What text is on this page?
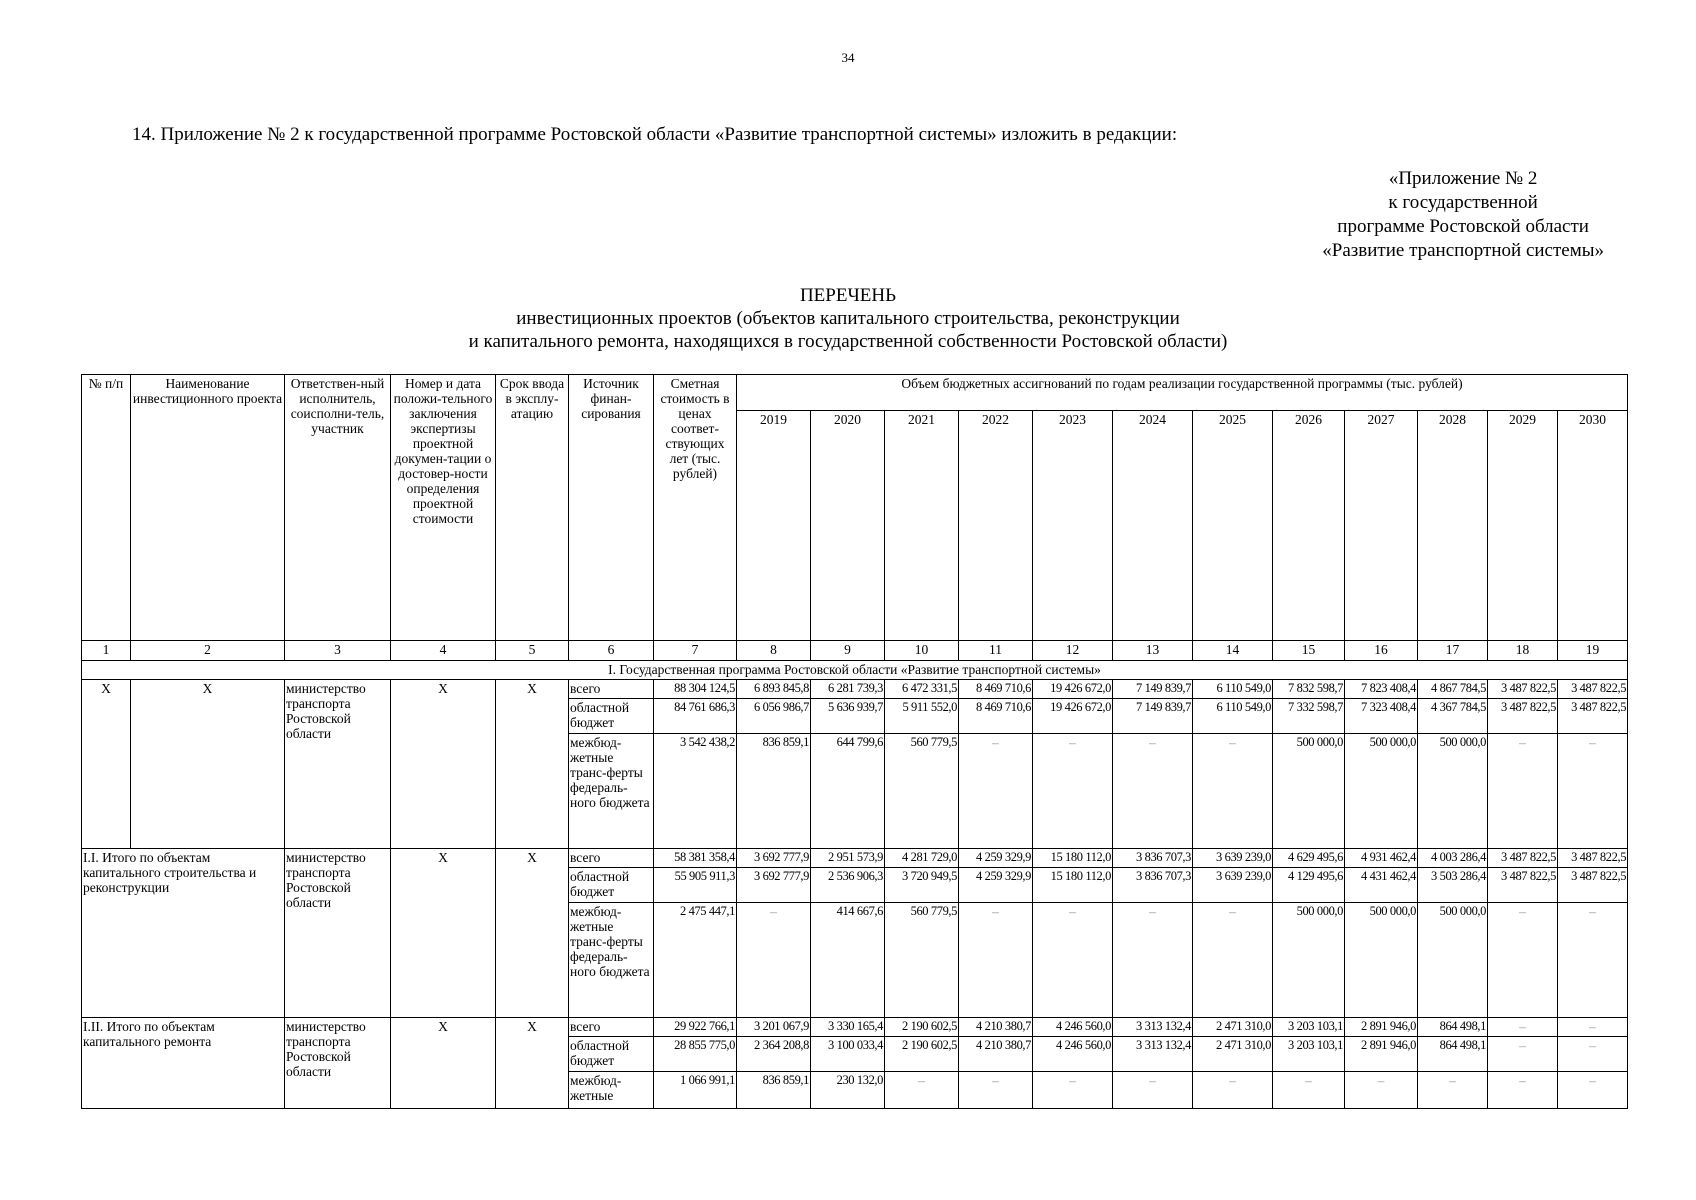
34
14. Приложение № 2 к государственной программе Ростовской области «Развитие транспортной системы» изложить в редакции:
«Приложение № 2
к государственной
программе Ростовской области
«Развитие транспортной системы»
ПЕРЕЧЕНЬ
инвестиционных проектов (объектов капитального строительства, реконструкции
и капитального ремонта, находящихся в государственной собственности Ростовской области)
№ п/п	Наименование инвестиционного проекта	Ответствен-ный исполнитель, соисполни-тель, участник	Номер и дата положи-тельного заключения экспертизы проектной докумен-тации о достовер-ности определения проектной стоимости	Срок ввода в эксплу-атацию	Источник финан-сирования	Сметная стоимость в ценах соответ-ствующих лет (тыс. рублей)	Объем бюджетных ассигнований по годам реализации государственной программы (тыс. рублей)											
							2019	2020	2021	2022	2023	2024	2025	2026	2027	2028	2029	2030
1	2	3	4	5	6	7	8	9	10	11	12	13	14	15	16	17	18	19
I. Государственная программа Ростовской области «Развитие транспортной системы»																		
Х	Х	министерство транспорта Ростовской области	Х	Х	всего	88 304 124,5	6 893 845,8	6 281 739,3	6 472 331,5	8 469 710,6	19 426 672,0	7 149 839,7	6 110 549,0	7 832 598,7	7 823 408,4	4 867 784,5	3 487 822,5	3 487 822,5
					областной бюджет	84 761 686,3	6 056 986,7	5 636 939,7	5 911 552,0	8 469 710,6	19 426 672,0	7 149 839,7	6 110 549,0	7 332 598,7	7 323 408,4	4 367 784,5	3 487 822,5	3 487 822,5
					межбюд-жетные транс-ферты федераль-ного бюджета	3 542 438,2	836 859,1	644 799,6	560 779,5	–	–	–	–	500 000,0	500 000,0	500 000,0	–	–
I.I. Итого по объектам капитального строительства и реконструкции		министерство транспорта Ростовской области	Х	Х	всего	58 381 358,4	3 692 777,9	2 951 573,9	4 281 729,0	4 259 329,9	15 180 112,0	3 836 707,3	3 639 239,0	4 629 495,6	4 931 462,4	4 003 286,4	3 487 822,5	3 487 822,5
					областной бюджет	55 905 911,3	3 692 777,9	2 536 906,3	3 720 949,5	4 259 329,9	15 180 112,0	3 836 707,3	3 639 239,0	4 129 495,6	4 431 462,4	3 503 286,4	3 487 822,5	3 487 822,5
					межбюд-жетные транс-ферты федераль-ного бюджета	2 475 447,1	–	414 667,6	560 779,5	–	–	–	–	500 000,0	500 000,0	500 000,0	–	–
I.II. Итого по объектам капитального ремонта		министерство транспорта Ростовской области	Х	Х	всего	29 922 766,1	3 201 067,9	3 330 165,4	2 190 602,5	4 210 380,7	4 246 560,0	3 313 132,4	2 471 310,0	3 203 103,1	2 891 946,0	864 498,1	–	–
					областной бюджет	28 855 775,0	2 364 208,8	3 100 033,4	2 190 602,5	4 210 380,7	4 246 560,0	3 313 132,4	2 471 310,0	3 203 103,1	2 891 946,0	864 498,1	–	–
					межбюд-жетные	1 066 991,1	836 859,1	230 132,0	–	–	–	–	–	–	–	–	–	–
